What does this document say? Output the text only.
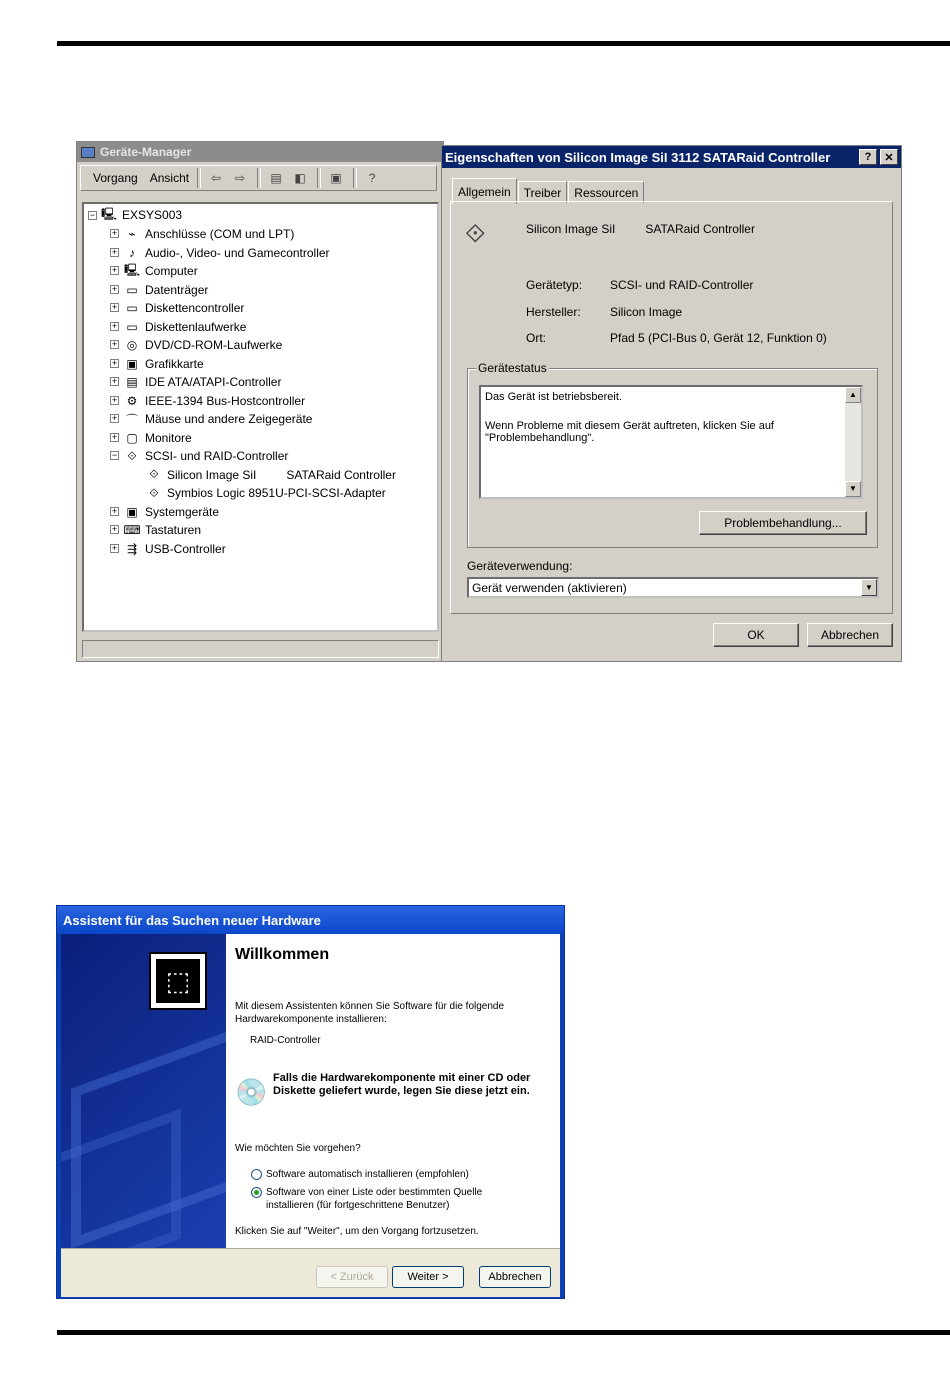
Geräte-Manager
Vorgang Ansicht	⇦	⇨	▤ ◧ ▣	?
− 🖳 EXSYS003
+ ⌁ Anschlüsse (COM und LPT)
+ ♪ Audio-, Video- und Gamecontroller
+ 🖳 Computer
+ ▭ Datenträger
+ ▭ Diskettencontroller
+ ▭ Diskettenlaufwerke
+ ◎ DVD/CD-ROM-Laufwerke
+ ▣ Grafikkarte
+ ▤ IDE ATA/ATAPI-Controller
+ ⚙ IEEE-1394 Bus-Hostcontroller
+ ⌒ Mäuse und andere Zeigegeräte
+ ▢ Monitore
− ⟐ SCSI- und RAID-Controller
⟐ Silicon Image SiI         SATARaid Controller
⟐ Symbios Logic 8951U-PCI-SCSI-Adapter
+ ▣ Systemgeräte
+ ⌨ Tastaturen
+ ⇶ USB-Controller
Eigenschaften von Silicon Image SiI 3112 SATARaid Controller	?	✕
Allgemein	Treiber	Ressourcen
⟐	Silicon Image SiI         SATARaid Controller
Gerätetyp: SCSI- und RAID-Controller
Hersteller: Silicon Image
Ort:	Pfad 5 (PCI-Bus 0, Gerät 12, Funktion 0)
Gerätestatus
Das Gerät ist betriebsbereit.
Wenn Probleme mit diesem Gerät auftreten, klicken Sie auf "Problembehandlung".
▲
▼
Problembehandlung...
Geräteverwendung:
Gerät verwenden (aktivieren)	▼
OK	Abbrechen
Assistent für das Suchen neuer Hardware
⬚
Willkommen
Mit diesem Assistenten können Sie Software für die folgende Hardwarekomponente installieren:
RAID-Controller
💿 Falls die Hardwarekomponente mit einer CD oder Diskette geliefert wurde, legen Sie diese jetzt ein.
Wie möchten Sie vorgehen?
Software automatisch installieren (empfohlen)
Software von einer Liste oder bestimmten Quelle installieren (für fortgeschrittene Benutzer)
Klicken Sie auf "Weiter", um den Vorgang fortzusetzen.
< Zurück	Weiter >	Abbrechen
